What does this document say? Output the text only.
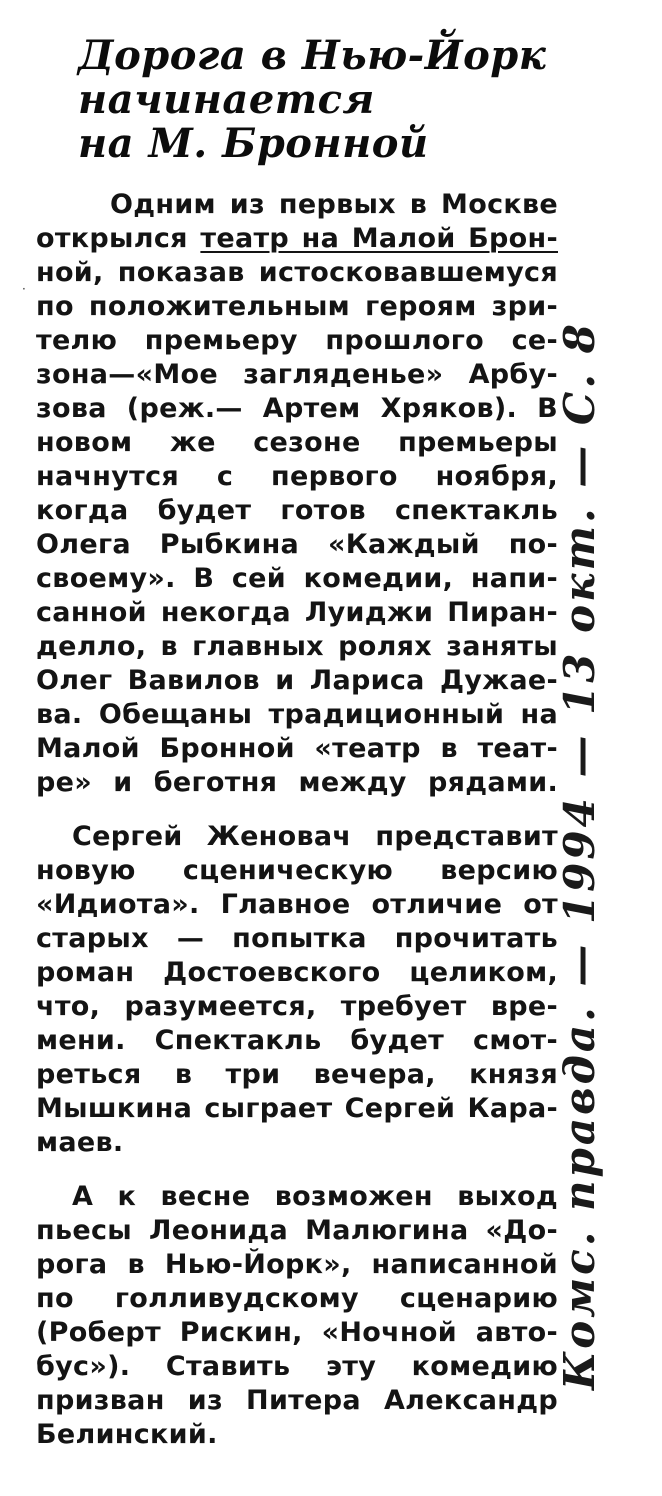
Дорога в Нью-Йорк
начинается
на М. Бронной
·
Одним из первых в Москве
открылся театр на Малой Брон-
ной, показав истосковавшемуся
по положительным героям зри-
телю премьеру прошлого се-
зона—«Мое загляденье» Арбу-
зова (реж.— Артем Хряков). В
новом же сезоне премьеры
начнутся с первого ноября,
когда будет готов спектакль
Олега Рыбкина «Каждый по-
своему». В сей комедии, напи-
санной некогда Луиджи Пиран-
делло, в главных ролях заняты
Олег Вавилов и Лариса Дужае-
ва. Обещаны традиционный на
Малой Бронной «театр в теат-
ре» и беготня между рядами.
Сергей Женовач представит
новую сценическую версию
«Идиота». Главное отличие от
старых — попытка прочитать
роман Достоевского целиком,
что, разумеется, требует вре-
мени. Спектакль будет смот-
реться в три вечера, князя
Мышкина сыграет Сергей Кара-
маев.
А к весне возможен выход
пьесы Леонида Малюгина «До-
рога в Нью-Йорк», написанной
по голливудскому сценарию
(Роберт Рискин, «Ночной авто-
бус»). Ставить эту комедию
призван из Питера Александр
Белинский.
Комс. правда. — 1994 — 13 окт. — С. 8
